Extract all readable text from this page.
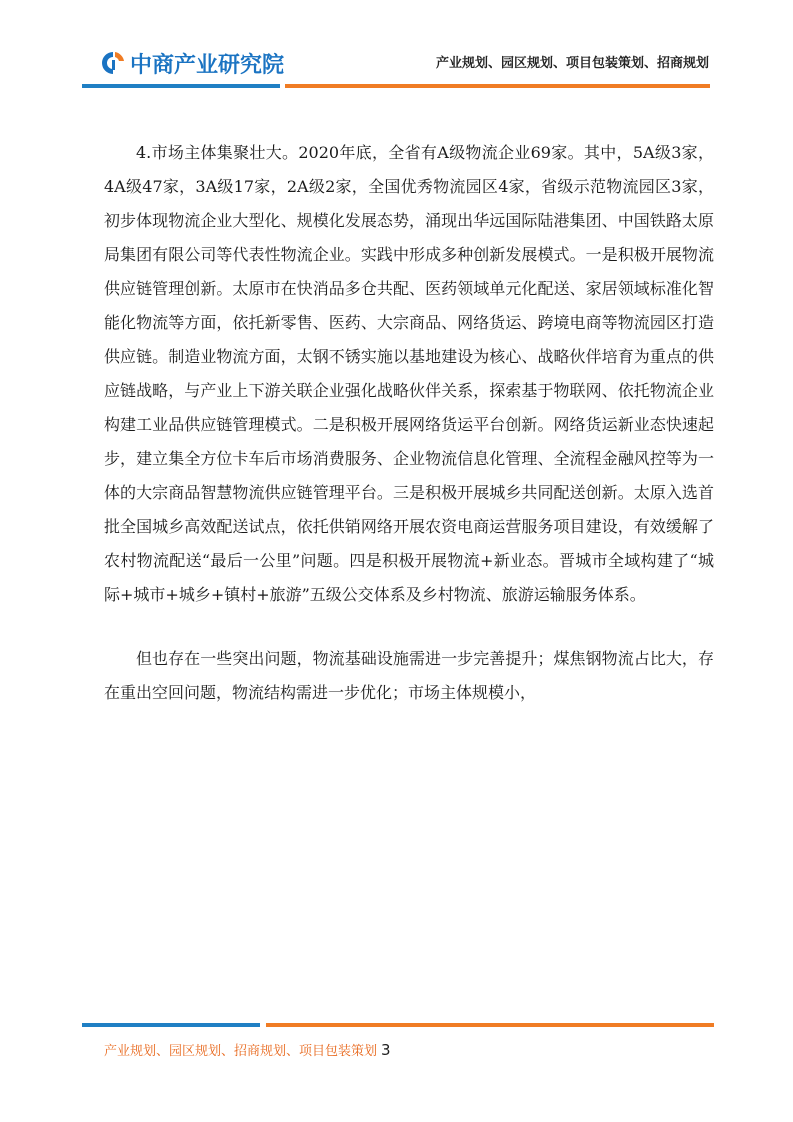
中商产业研究院	产业规划、园区规划、项目包装策划、招商规划

4.市场主体集聚壮大。2020年底，全省有A级物流企业69家。其中，5A级3家，4A级47家，3A级17家，2A级2家，全国优秀物流园区4家，省级示范物流园区3家，初步体现物流企业大型化、规模化发展态势，涌现出华远国际陆港集团、中国铁路太原局集团有限公司等代表性物流企业。实践中形成多种创新发展模式。一是积极开展物流供应链管理创新。太原市在快消品多仓共配、医药领域单元化配送、家居领域标准化智能化物流等方面，依托新零售、医药、大宗商品、网络货运、跨境电商等物流园区打造供应链。制造业物流方面，太钢不锈实施以基地建设为核心、战略伙伴培育为重点的供应链战略，与产业上下游关联企业强化战略伙伴关系，探索基于物联网、依托物流企业构建工业品供应链管理模式。二是积极开展网络货运平台创新。网络货运新业态快速起步，建立集全方位卡车后市场消费服务、企业物流信息化管理、全流程金融风控等为一体的大宗商品智慧物流供应链管理平台。三是积极开展城乡共同配送创新。太原入选首批全国城乡高效配送试点，依托供销网络开展农资电商运营服务项目建设，有效缓解了农村物流配送“最后一公里”问题。四是积极开展物流+新业态。晋城市全域构建了“城际+城市+城乡+镇村+旅游”五级公交体系及乡村物流、旅游运输服务体系。

但也存在一些突出问题，物流基础设施需进一步完善提升；煤焦钢物流占比大，存在重出空回问题，物流结构需进一步优化；市场主体规模小，

产业规划、园区规划、招商规划、项目包装策划 3
